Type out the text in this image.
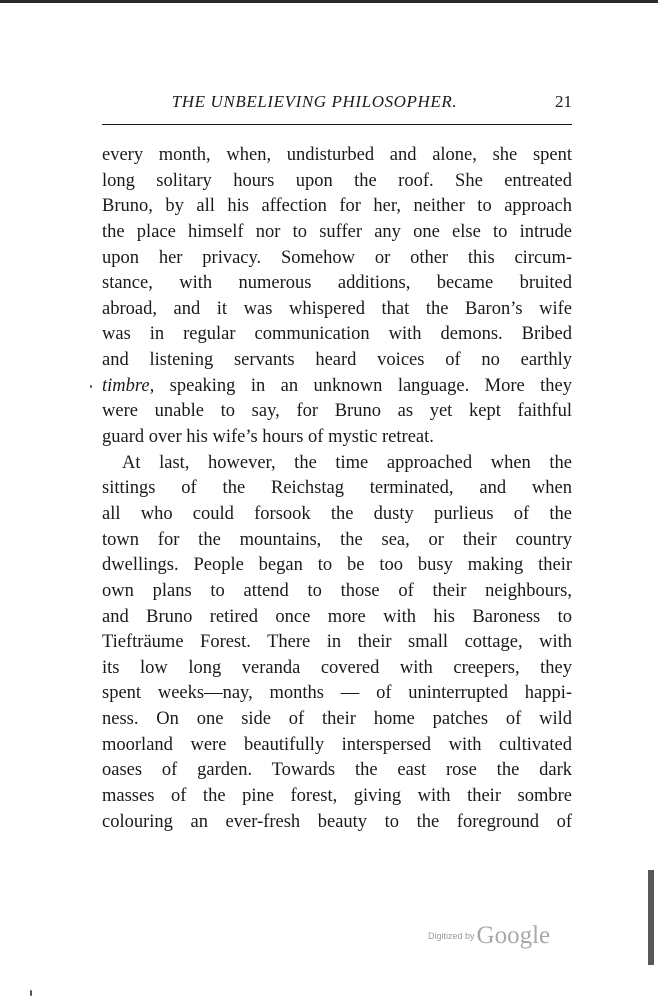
THE UNBELIEVING PHILOSOPHER.	21
every month, when, undisturbed and alone, she spent
long solitary hours upon the roof. She entreated
Bruno, by all his affection for her, neither to approach
the place himself nor to suffer any one else to intrude
upon her privacy. Somehow or other this circum-
stance, with numerous additions, became bruited
abroad, and it was whispered that the Baron’s wife
was in regular communication with demons. Bribed
and listening servants heard voices of no earthly
timbre, speaking in an unknown language. More they
were unable to say, for Bruno as yet kept faithful
guard over his wife’s hours of mystic retreat.
At last, however, the time approached when the
sittings of the Reichstag terminated, and when
all who could forsook the dusty purlieus of the
town for the mountains, the sea, or their country
dwellings. People began to be too busy making their
own plans to attend to those of their neighbours,
and Bruno retired once more with his Baroness to
Tiefträume Forest. There in their small cottage, with
its low long veranda covered with creepers, they
spent weeks—nay, months — of uninterrupted happi-
ness. On one side of their home patches of wild
moorland were beautifully interspersed with cultivated
oases of garden. Towards the east rose the dark
masses of the pine forest, giving with their sombre
colouring an ever-fresh beauty to the foreground of
$^{Digitized by}$Google
